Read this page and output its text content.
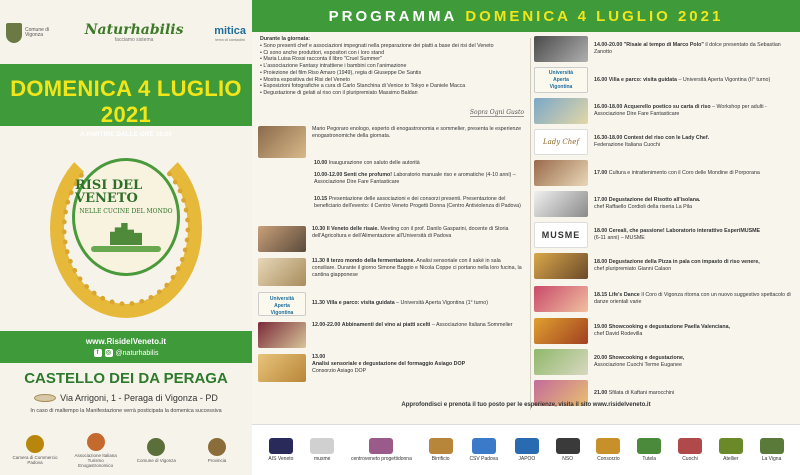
Comune di Vigonza	Naturhabilis
facciamo sistema
mitica
terra di contadini
DOMENICA 4 LUGLIO 2021
A PARTIRE DALLE ORE 10,00
RISI DEL VENETO
NELLE CUCINE DEL MONDO
www.RisidelVeneto.it
f	◎ @naturhabilis
CASTELLO DEI DA PERAGA
Via Arrigoni, 1 - Peraga di Vigonza - PD
In caso di maltempo la Manifestazione verrà posticipata la domenica successiva
Camera di Commercio Padova
Associazione Italiana Turismo Enogastronomico
Comune di Vigonza	Provincia
PROGRAMMA DOMENICA 4 LUGLIO 2021
Durante la giornata:
• Sono presenti chef e associazioni impegnati nella preparazione dei piatti a base dei risi del Veneto
• Ci sono anche produttori, espositori con i loro stand
• Maria Luisa Rossi racconta il libro "Cruel Summer"
• L'associazione Fantasy intrattiene i bambini con l'animazione
• Proiezione del film Riso Amaro (1949), regia di Giuseppe De Santis
• Mostra espositiva dei Risi del Veneto
• Esposizioni fotografiche a cura di Carlo Stanchina di Venice to Tokyo e Daniele Macca
• Degustazione di gelati al riso con il pluripremiato Massimo Baldan
Sopra Ogni Gusto
Mario Pegoraro enologo, esperto di enogastronomia e sommelier, presenta le esperienze enogastronomiche della giornata.
10.00 Inaugurazione con saluto delle autorità
10.00-12.00 Senti che profumo! Laboratorio manuale riso e aromatiche (4-10 anni) – Associazione Dire Fare Fantasticare
10.15 Presentazione delle associazioni e dei consorzi presenti. Presentazione del beneficiario dell'evento: il Centro Veneto Progetti Donna (Centro Antiviolenza di Padova)
10.30 Il Veneto delle risaie. Meeting con il prof. Danilo Gasparini, docente di Storia dell'Agricoltura e dell'Alimentazione all'Università di Padova
11.30 Il terzo mondo della fermentazione. Analisi sensoriale con il sakè in sala consiliare. Durante il giorno Simone Baggio e Nicola Coppe ci portano nella loro fucina, la cantina giapponese
Università
Aperta
Vigontina
11.30 Villa e parco: visita guidata – Università Aperta Vigontina (1° turno)
12.00-22.00 Abbinamenti del vino ai piatti scelti – Associazione Italiana Sommelier
13.00
Analisi sensoriale e degustazione del formaggio Asiago DOP
Consorzio Asiago DOP
14.00-20.00 "Risaie al tempo di Marco Polo" il dolce presentato da Sebastian Zanotto
Università
Aperta
Vigontina
16.00 Villa e parco: visita guidata – Università Aperta Vigontina (II° turno)
16.00-18.00 Acquerello poetico su carta di riso – Workshop per adulti - Associazione Dire Fare Fantasticare
Lady Chef	16.30-18.00 Contest del riso con le Lady Chef.
Federazione Italiana Cuochi
17.00 Cultura e intrattenimento con il Coro delle Mondine di Porporana
17.00 Degustazione del Risotto all'isolana.
chef Raffaello Cordioli della riseria La Pila
MUSME	18.00 Cereali, che passione! Laboratorio interattivo EsperiMUSME
(6-11 anni) – MUSME
18.00 Degustazione della Pizza in pala con impasto di riso venere,
chef pluripremiato Gianni Calaon
18.15 Life's Dance Il Coro di Vigonza ritorna con un nuovo suggestivo spettacolo di danze orientali varie
19.00 Showcooking e degustazione Paella Valenciana,
chef David Rodevilla
20.00 Showcooking e degustazione,
Associazione Cuochi Terme Euganee
21.00 Sfilata di Kaftani marocchini
Approfondisci e prenota il tuo posto per le esperienze, visita il sito www.risidelveneto.it
AIS Veneto	musme	centroveneto progettidonna	Birrificio	CSV Padova	JAPOO	NSO	Consorzio	Tutela	Cuochi	Atellier	La Vigna
